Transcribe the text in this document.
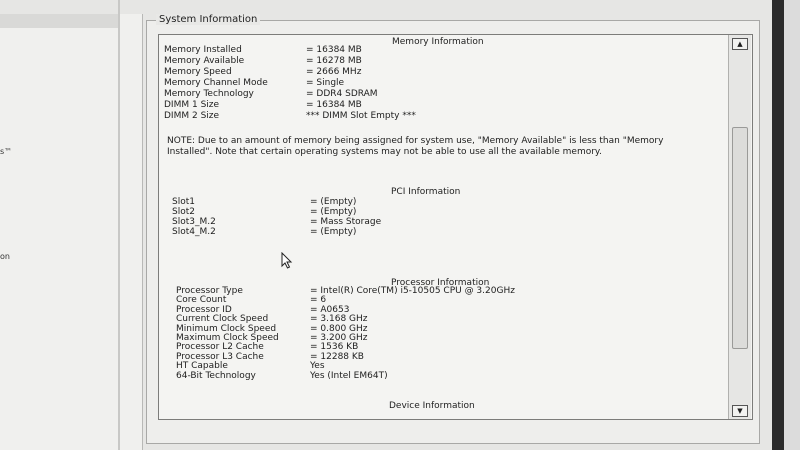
s™
on
System Information
Memory Information
Memory Installed	= 16384 MB
Memory Available	= 16278 MB
Memory Speed	= 2666 MHz
Memory Channel Mode	= Single
Memory Technology	= DDR4 SDRAM
DIMM 1 Size	= 16384 MB
DIMM 2 Size	*** DIMM Slot Empty ***
NOTE: Due to an amount of memory being assigned for system use, "Memory Available" is less than "Memory Installed". Note that certain operating systems may not be able to use all the available memory.
PCI Information
Slot1	= (Empty)
Slot2	= (Empty)
Slot3_M.2	= Mass Storage
Slot4_M.2	= (Empty)
Processor Information
Processor Type	= Intel(R) Core(TM) i5-10505 CPU @ 3.20GHz
Core Count	= 6
Processor ID	= A0653
Current Clock Speed	= 3.168 GHz
Minimum Clock Speed	= 0.800 GHz
Maximum Clock Speed	= 3.200 GHz
Processor L2 Cache	= 1536 KB
Processor L3 Cache	= 12288 KB
HT Capable	Yes
64-Bit Technology	Yes (Intel EM64T)
Device Information
▲
▼
